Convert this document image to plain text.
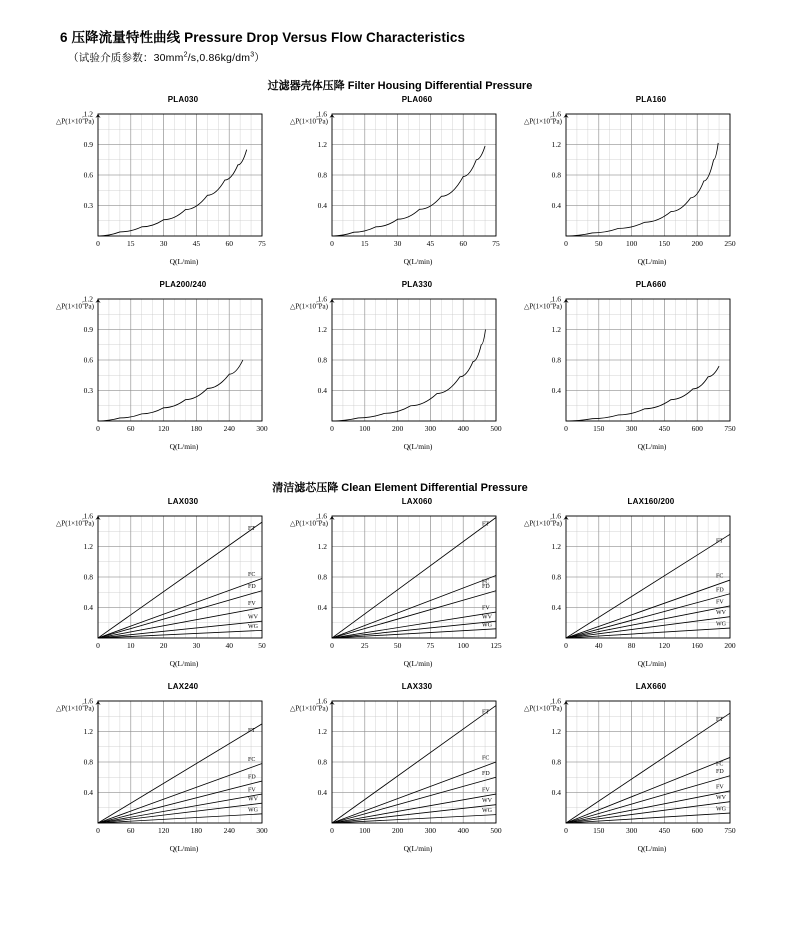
6 压降流量特性曲线 Pressure Drop Versus Flow Characteristics
（试验介质参数：$30mm^2/s,0.86kg/dm^3$）
过滤器壳体压降 Filter Housing Differential Pressure
PLA030
$\triangle P(1\times 10^5Pa)$
0	15	30	45	60	75
0.3
0.6
0.9
1.2
Q(L/min)
PLA060
$\triangle P(1\times 10^5Pa)$
0	15	30	45	60	75
0.4
0.8
1.2
1.6
Q(L/min)
PLA160
$\triangle P(1\times 10^5Pa)$
0	50	100	150	200	250
0.4
0.8
1.2
1.6
Q(L/min)
PLA200/240
$\triangle P(1\times 10^5Pa)$
0	60	120	180	240	300
0.3
0.6
0.9
1.2
Q(L/min)
PLA330
$\triangle P(1\times 10^5Pa)$
0	100	200	300	400	500
0.4
0.8
1.2
1.6
Q(L/min)
PLA660
$\triangle P(1\times 10^5Pa)$
0	150	300	450	600	750
0.4
0.8
1.2
1.6
Q(L/min)
清洁滤芯压降 Clean Element Differential Pressure
LAX030
$\triangle P(1\times 10^5Pa)$
0	10	20	30	40	50
0.4
0.8
1.2
1.6
FT
FC
FD
FV
WV
WG
Q(L/min)
LAX060
$\triangle P(1\times 10^5Pa)$
0	25	50	75	100	125
0.4
0.8
1.2
1.6
FT
FC
FD
FV
WV
WG
Q(L/min)
LAX160/200
$\triangle P(1\times 10^5Pa)$
0	40	80	120	160	200
0.4
0.8
1.2
1.6
FT
FC
FD
FV
WV
WG
Q(L/min)
LAX240
$\triangle P(1\times 10^5Pa)$
0	60	120	180	240	300
0.4
0.8
1.2
1.6
FT
FC
FD
FV
WV
WG
Q(L/min)
LAX330
$\triangle P(1\times 10^5Pa)$
0	100	200	300	400	500
0.4
0.8
1.2
1.6
FT
FC
FD
FV
WV
WG
Q(L/min)
LAX660
$\triangle P(1\times 10^5Pa)$
0	150	300	450	600	750
0.4
0.8
1.2
1.6
FT
FC
FD
FV
WV
WG
Q(L/min)
